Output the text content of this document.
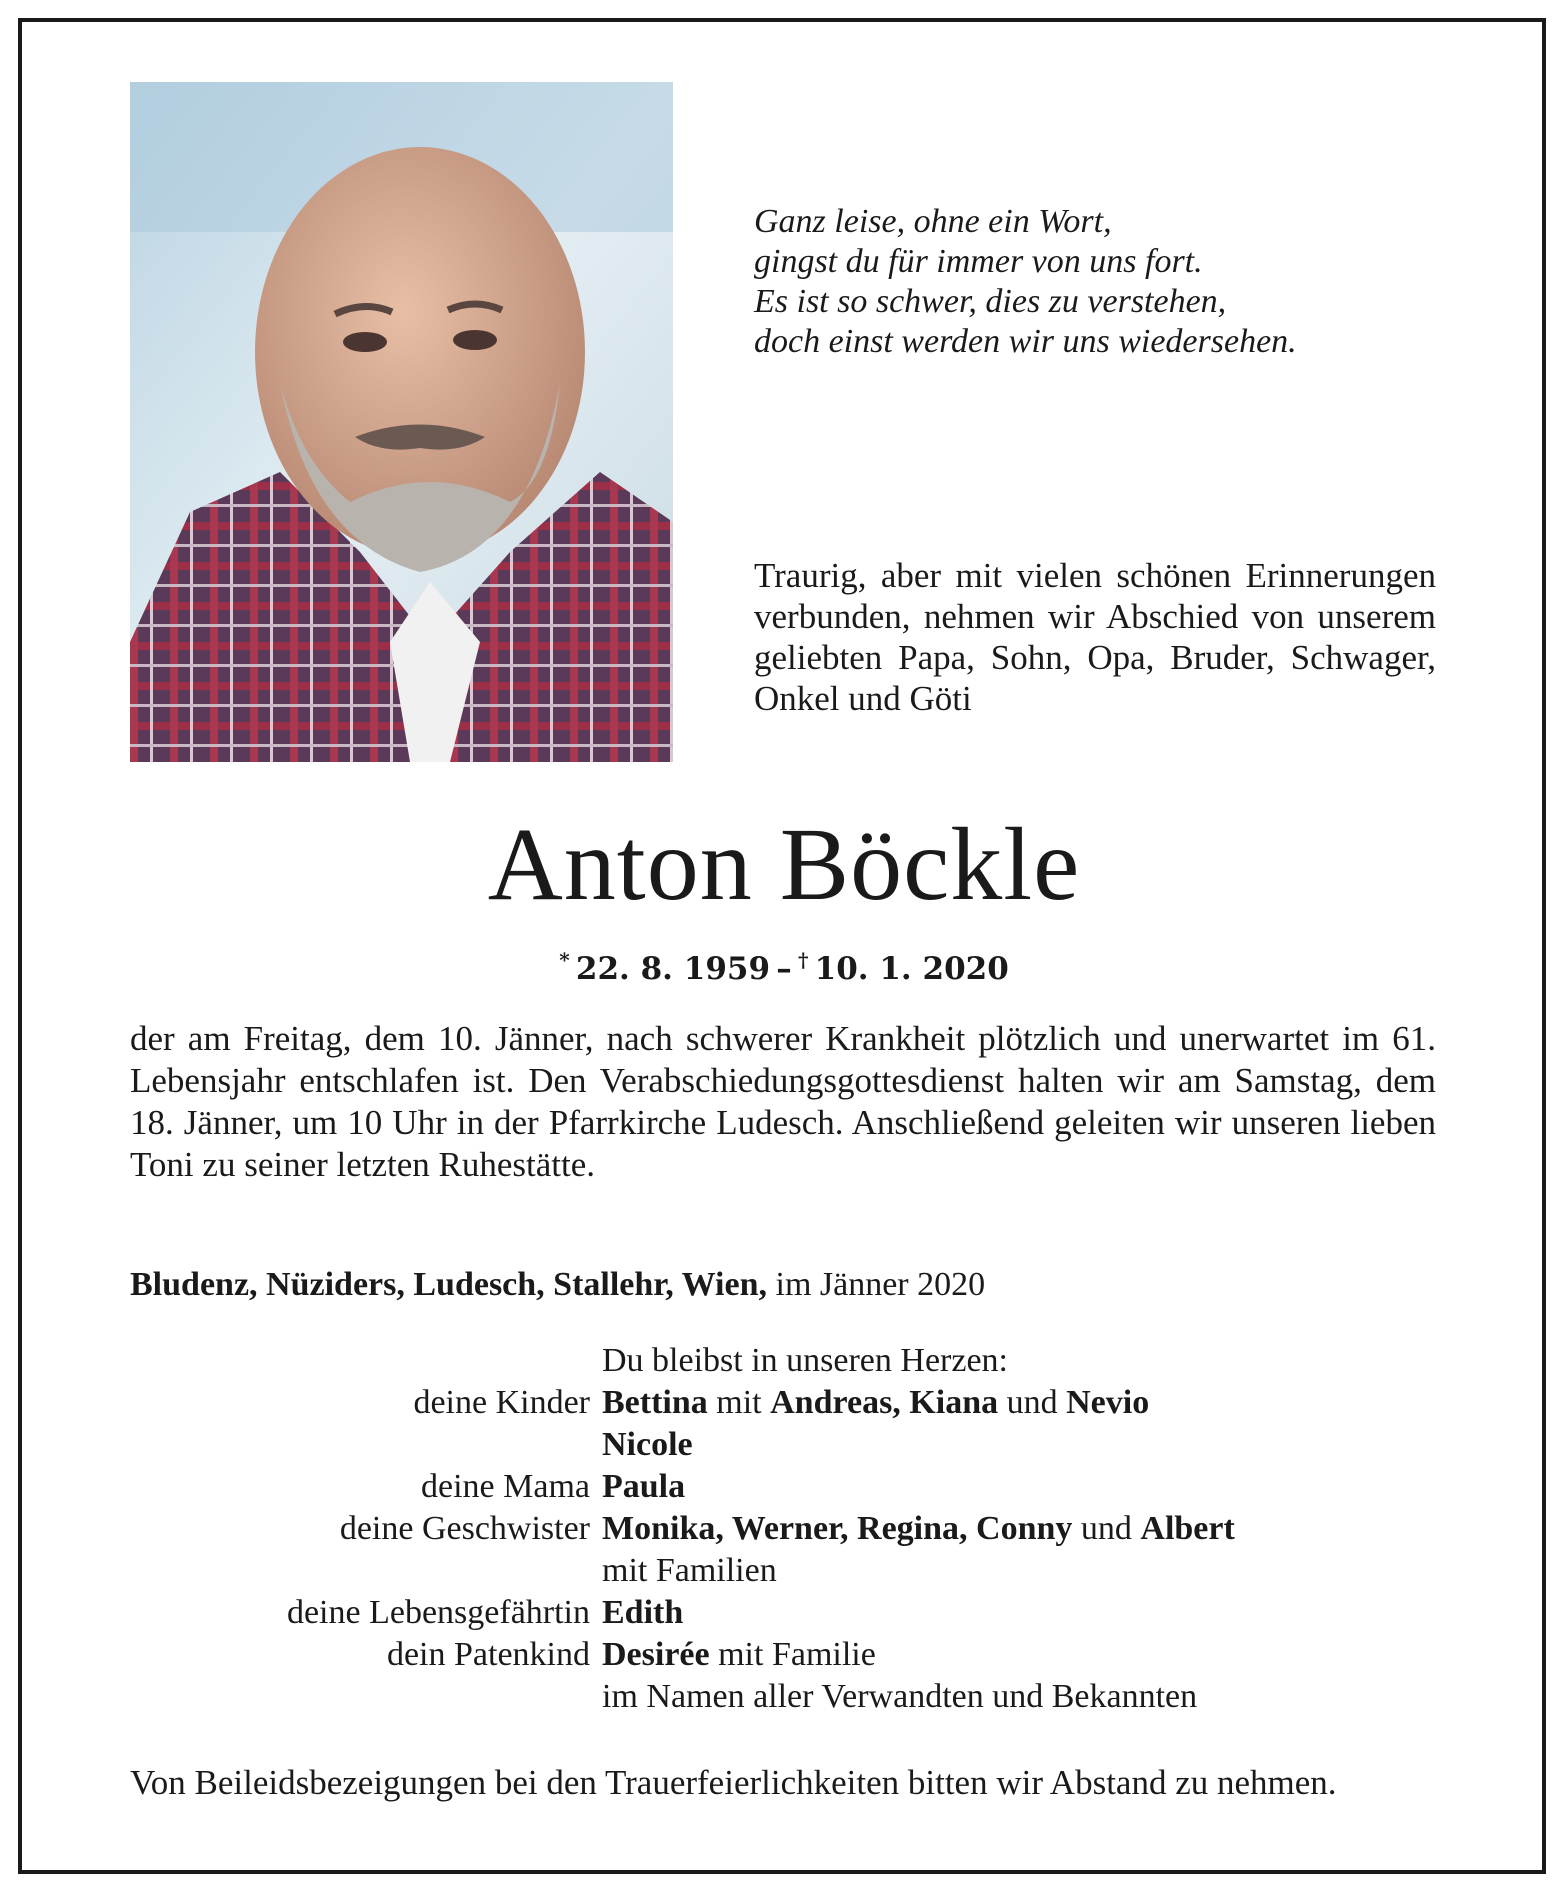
Ganz leise, ohne ein Wort,
gingst du für immer von uns fort.
Es ist so schwer, dies zu verstehen,
doch einst werden wir uns wiedersehen.
Traurig, aber mit vielen schönen Erinnerungen verbunden, nehmen wir Abschied von unserem geliebten Papa, Sohn, Opa, Bruder, Schwager, Onkel und Göti
Anton Böckle
*  22. 8. 1959  –  †  10. 1. 2020
der am Freitag, dem 10. Jänner, nach schwerer Krankheit plötzlich und unerwartet im 61. Lebensjahr entschlafen ist. Den Verabschiedungsgottesdienst halten wir am Samstag, dem 18. Jänner, um 10 Uhr in der Pfarrkirche Ludesch. Anschließend geleiten wir unseren lieben Toni zu seiner letzten Ruhestätte.
Bludenz, Nüziders, Ludesch, Stallehr, Wien, im Jänner 2020
Du bleibst in unseren Herzen:
deine Kinder Bettina mit Andreas, Kiana und Nevio
Nicole
deine Mama Paula
deine Geschwister Monika, Werner, Regina, Conny und Albert
mit Familien
deine Lebensgefährtin Edith
dein Patenkind Desirée mit Familie
im Namen aller Verwandten und Bekannten
Von Beileidsbezeigungen bei den Trauerfeierlichkeiten bitten wir Abstand zu nehmen.
